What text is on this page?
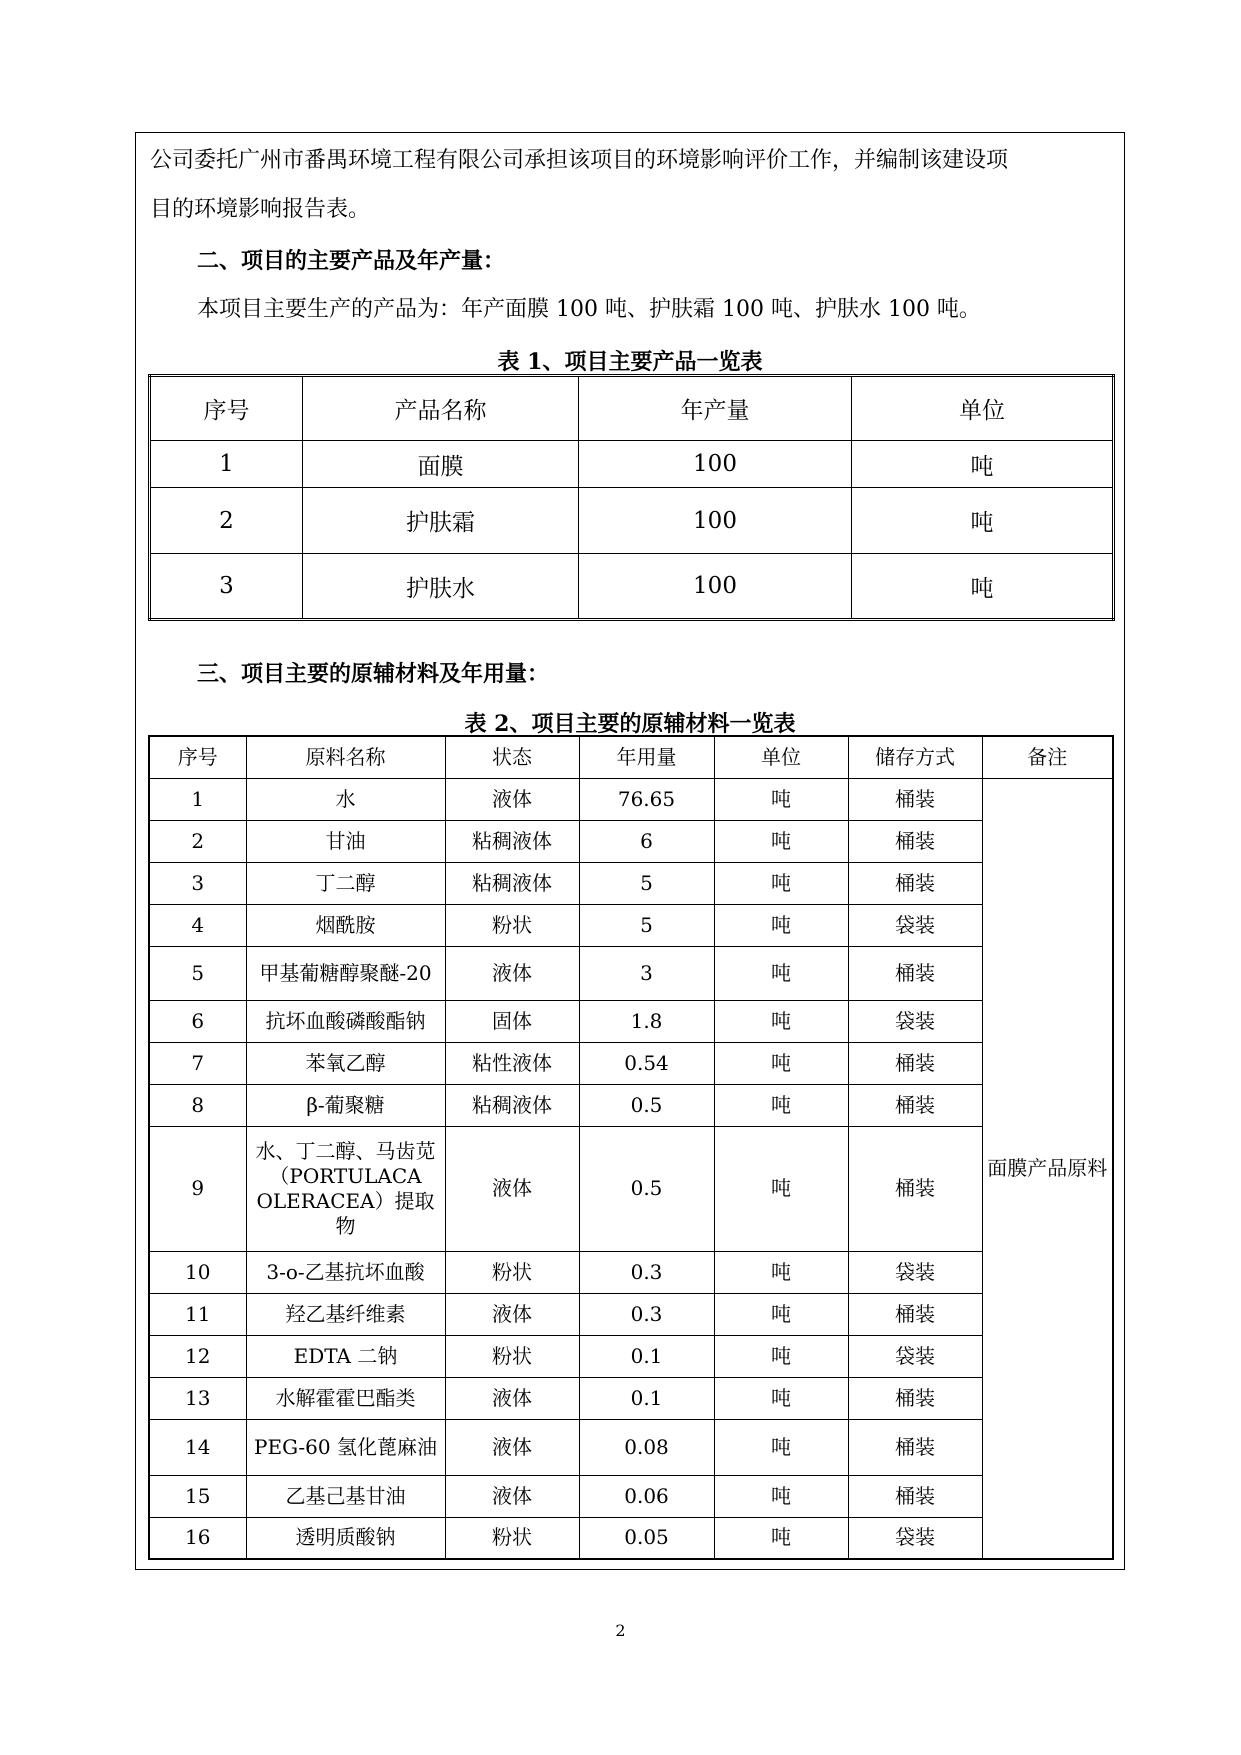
公司委托广州市番禺环境工程有限公司承担该项目的环境影响评价工作，并编制该建设项
目的环境影响报告表。
二、项目的主要产品及年产量：
本项目主要生产的产品为：年产面膜 100 吨、护肤霜 100 吨、护肤水 100 吨。
表 1、项目主要产品一览表
序号	产品名称	年产量	单位
1	面膜	100	吨
2	护肤霜	100	吨
3	护肤水	100	吨
三、项目主要的原辅材料及年用量：
表 2、项目主要的原辅材料一览表
序号	原料名称	状态	年用量	单位	储存方式	备注
1	水	液体	76.65	吨	桶装	面膜产品原料
2	甘油	粘稠液体	6	吨	桶装	
3	丁二醇	粘稠液体	5	吨	桶装	
4	烟酰胺	粉状	5	吨	袋装	
5	甲基葡糖醇聚醚-20	液体	3	吨	桶装	
6	抗坏血酸磷酸酯钠	固体	1.8	吨	袋装	
7	苯氧乙醇	粘性液体	0.54	吨	桶装	
8	β-葡聚糖	粘稠液体	0.5	吨	桶装	
9	水、丁二醇、马齿苋（PORTULACA OLERACEA）提取物	液体	0.5	吨	桶装	
10	3-o-乙基抗坏血酸	粉状	0.3	吨	袋装	
11	羟乙基纤维素	液体	0.3	吨	桶装	
12	EDTA 二钠	粉状	0.1	吨	袋装	
13	水解霍霍巴酯类	液体	0.1	吨	桶装	
14	PEG-60 氢化蓖麻油	液体	0.08	吨	桶装	
15	乙基己基甘油	液体	0.06	吨	桶装	
16	透明质酸钠	粉状	0.05	吨	袋装	
2
